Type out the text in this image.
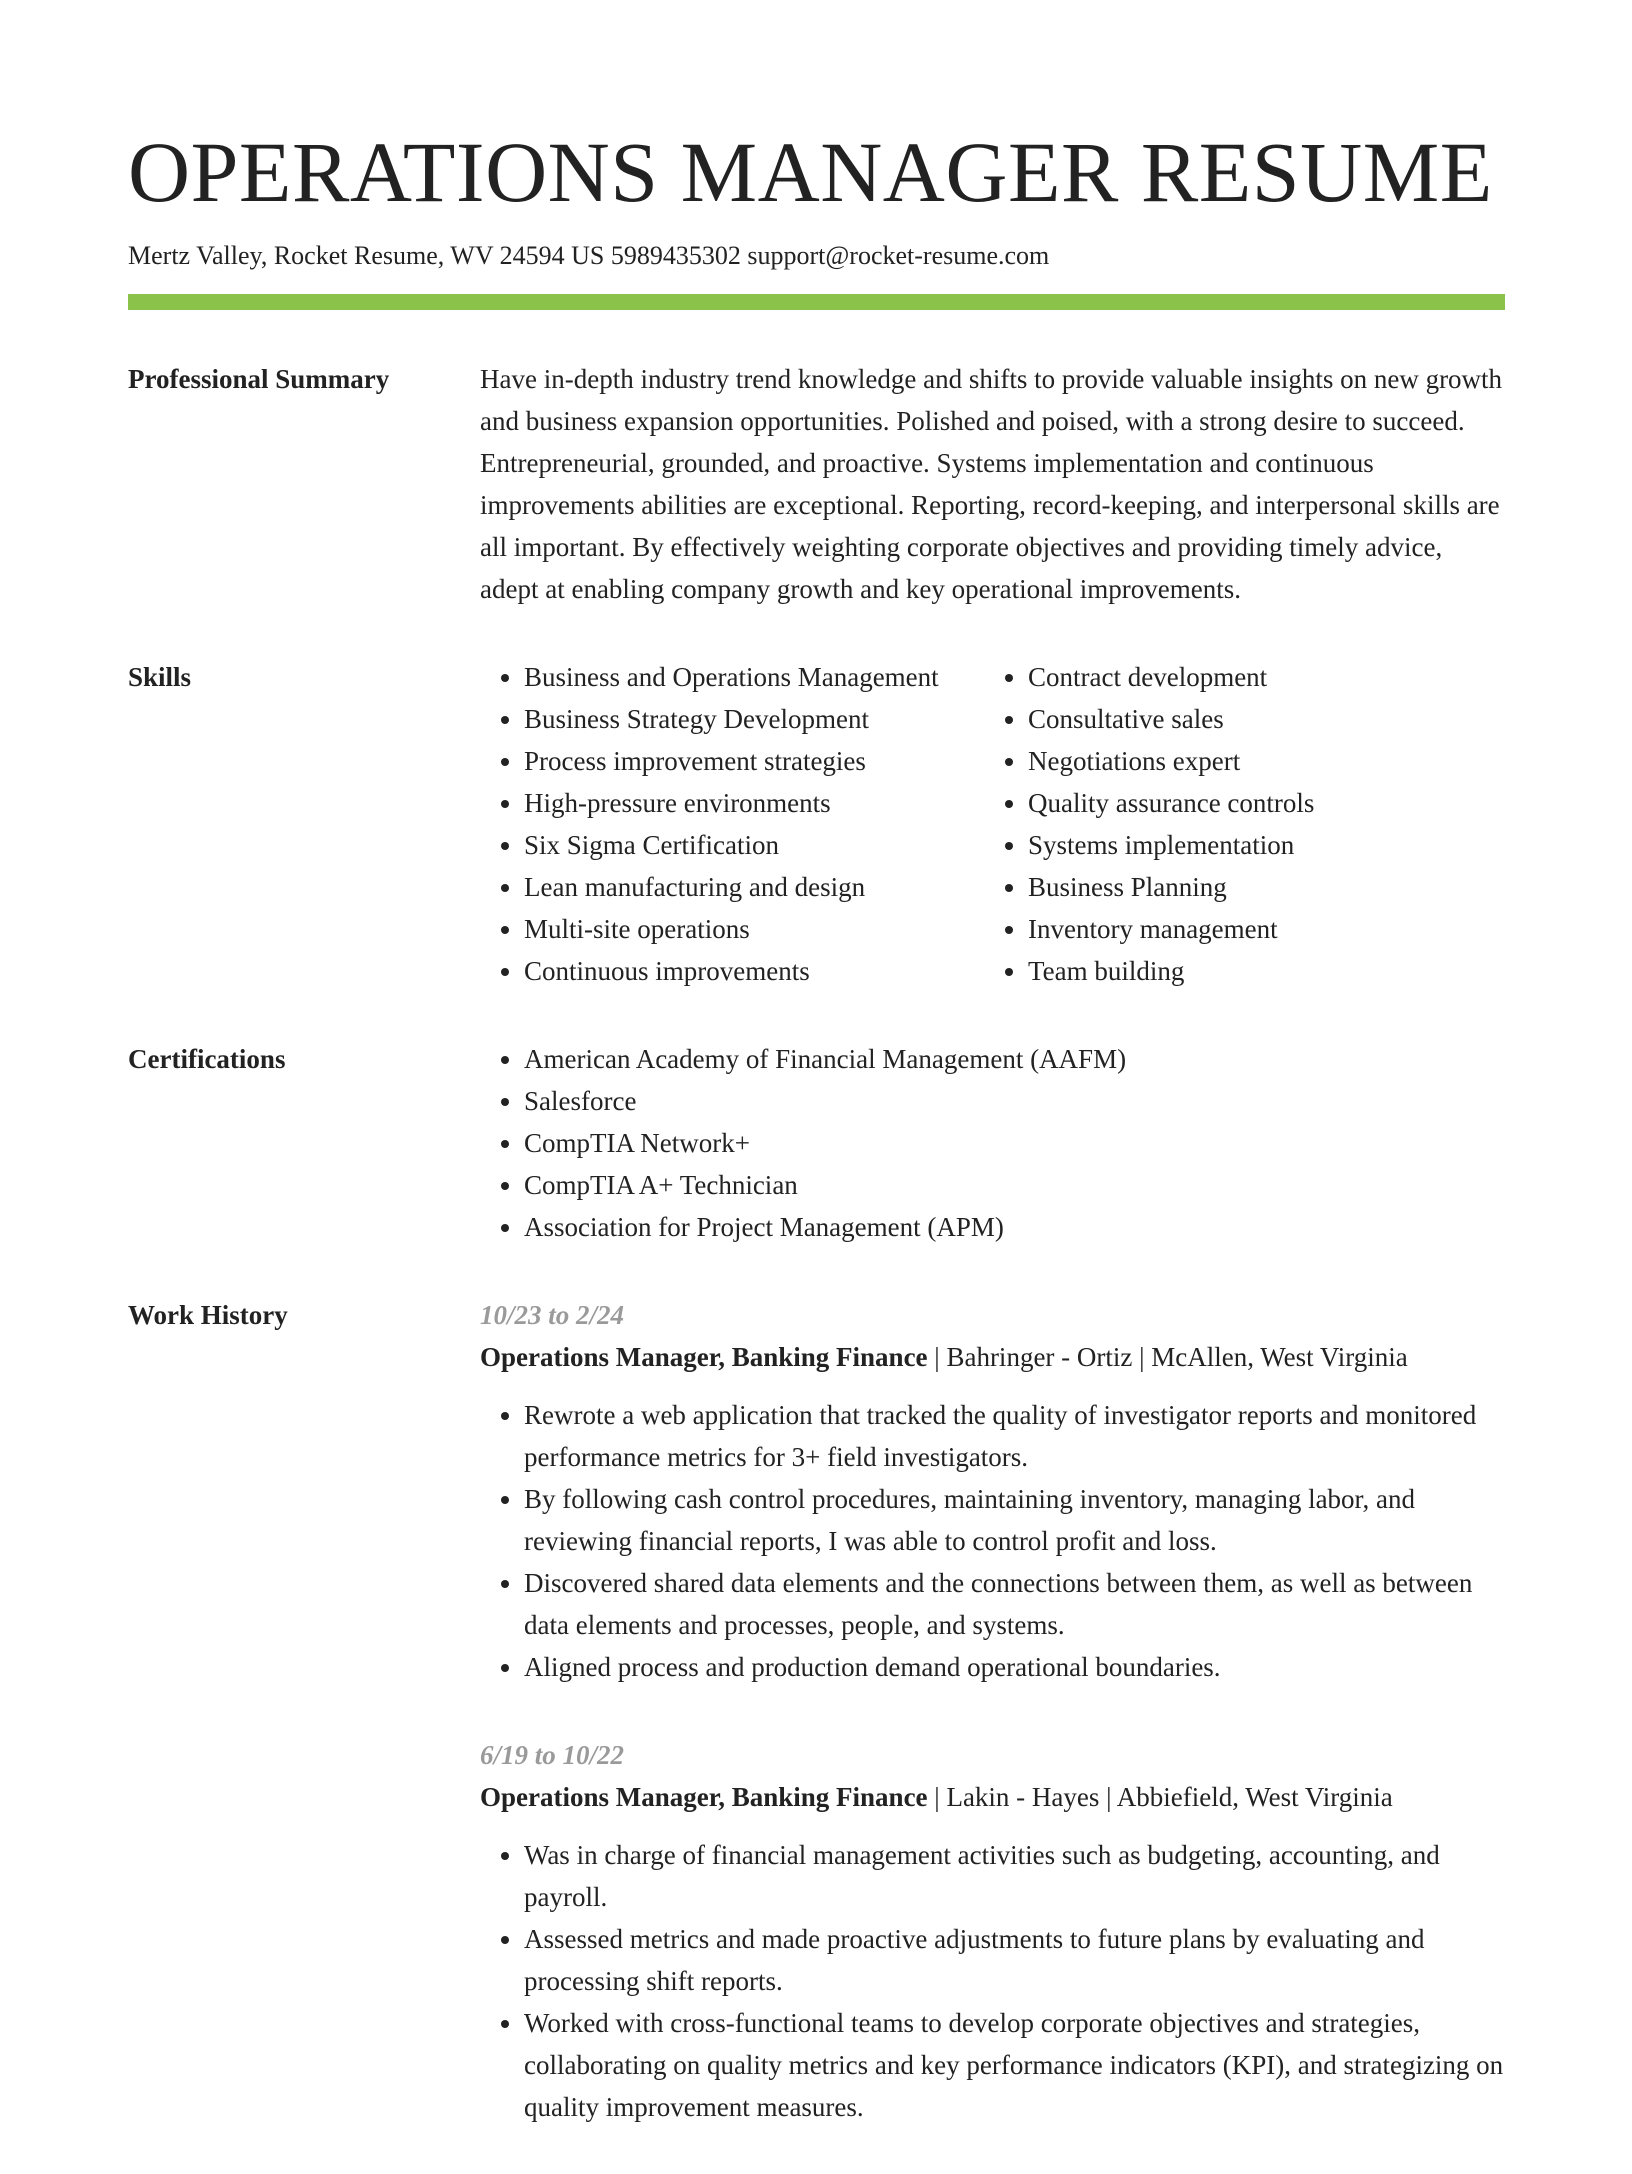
OPERATIONS MANAGER RESUME
Mertz Valley, Rocket Resume, WV 24594 US 5989435302 support@rocket-resume.com
Professional Summary	Have in-depth industry trend knowledge and shifts to provide valuable insights on new growth and business expansion opportunities. Polished and poised, with a strong desire to succeed. Entrepreneurial, grounded, and proactive. Systems implementation and continuous improvements abilities are exceptional. Reporting, record-keeping, and interpersonal skills are all important. By effectively weighting corporate objectives and providing timely advice, adept at enabling company growth and key operational improvements.

Skills	• Business and Operations Management
• Business Strategy Development
• Process improvement strategies
• High-pressure environments
• Six Sigma Certification
• Lean manufacturing and design
• Multi-site operations
• Continuous improvements
• Contract development
• Consultative sales
• Negotiations expert
• Quality assurance controls
• Systems implementation
• Business Planning
• Inventory management
• Team building
Certifications	• American Academy of Financial Management (AAFM)
• Salesforce
• CompTIA Network+
• CompTIA A+ Technician
• Association for Project Management (APM)
Work History	10/23 to 2/24
Operations Manager, Banking Finance | Bahringer - Ortiz | McAllen, West Virginia
• Rewrote a web application that tracked the quality of investigator reports and monitored performance metrics for 3+ field investigators.
• By following cash control procedures, maintaining inventory, managing labor, and reviewing financial reports, I was able to control profit and loss.
• Discovered shared data elements and the connections between them, as well as between data elements and processes, people, and systems.
• Aligned process and production demand operational boundaries.
6/19 to 10/22
Operations Manager, Banking Finance | Lakin - Hayes | Abbiefield, West Virginia
• Was in charge of financial management activities such as budgeting, accounting, and payroll.
• Assessed metrics and made proactive adjustments to future plans by evaluating and processing shift reports.
• Worked with cross-functional teams to develop corporate objectives and strategies, collaborating on quality metrics and key performance indicators (KPI), and strategizing on quality improvement measures.
